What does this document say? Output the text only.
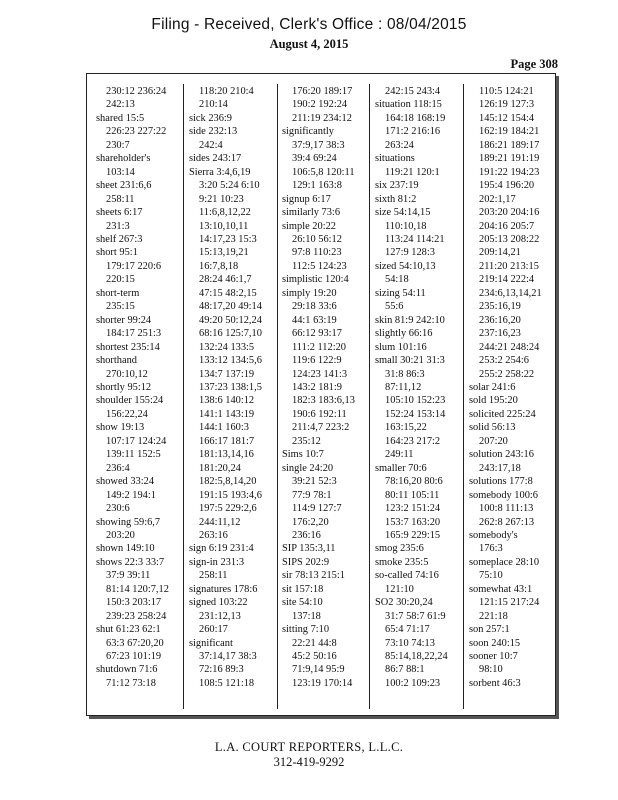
Filing - Received, Clerk's Office : 08/04/2015
August 4, 2015
Page 308
230:12 236:24
242:13
shared 15:5
226:23 227:22
230:7
shareholder's
103:14
sheet 231:6,6
258:11
sheets 6:17
231:3
shelf 267:3
short 95:1
179:17 220:6
220:15
short-term
235:15
shorter 99:24
184:17 251:3
shortest 235:14
shorthand
270:10,12
shortly 95:12
shoulder 155:24
156:22,24
show 19:13
107:17 124:24
139:11 152:5
236:4
showed 33:24
149:2 194:1
230:6
showing 59:6,7
203:20
shown 149:10
shows 22:3 33:7
37:9 39:11
81:14 120:7,12
150:3 203:17
239:23 258:24
shut 61:23 62:1
63:3 67:20,20
67:23 101:19
shutdown 71:6
71:12 73:18
118:20 210:4
210:14
sick 236:9
side 232:13
242:4
sides 243:17
Sierra 3:4,6,19
3:20 5:24 6:10
9:21 10:23
11:6,8,12,22
13:10,10,11
14:17,23 15:3
15:13,19,21
16:7,8,18
28:24 46:1,7
47:15 48:2,15
48:17,20 49:14
49:20 50:12,24
68:16 125:7,10
132:24 133:5
133:12 134:5,6
134:7 137:19
137:23 138:1,5
138:6 140:12
141:1 143:19
144:1 160:3
166:17 181:7
181:13,14,16
181:20,24
182:5,8,14,20
191:15 193:4,6
197:5 229:2,6
244:11,12
263:16
sign 6:19 231:4
sign-in 231:3
258:11
signatures 178:6
signed 103:22
231:12,13
260:17
significant
37:14,17 38:3
72:16 89:3
108:5 121:18
176:20 189:17
190:2 192:24
211:19 234:12
significantly
37:9,17 38:3
39:4 69:24
106:5,8 120:11
129:1 163:8
signup 6:17
similarly 73:6
simple 20:22
26:10 56:12
97:8 110:23
112:5 124:23
simplistic 120:4
simply 19:20
29:18 33:6
44:1 63:19
66:12 93:17
111:2 112:20
119:6 122:9
124:23 141:3
143:2 181:9
182:3 183:6,13
190:6 192:11
211:4,7 223:2
235:12
Sims 10:7
single 24:20
39:21 52:3
77:9 78:1
114:9 127:7
176:2,20
236:16
SIP 135:3,11
SIPS 202:9
sir 78:13 215:1
sit 157:18
site 54:10
137:18
sitting 7:10
22:21 44:8
45:2 50:16
71:9,14 95:9
123:19 170:14
242:15 243:4
situation 118:15
164:18 168:19
171:2 216:16
263:24
situations
119:21 120:1
six 237:19
sixth 81:2
size 54:14,15
110:10,18
113:24 114:21
127:9 128:3
sized 54:10,13
54:18
sizing 54:11
55:6
skin 81:9 242:10
slightly 66:16
slum 101:16
small 30:21 31:3
31:8 86:3
87:11,12
105:10 152:23
152:24 153:14
163:15,22
164:23 217:2
249:11
smaller 70:6
78:16,20 80:6
80:11 105:11
123:2 151:24
153:7 163:20
165:9 229:15
smog 235:6
smoke 235:5
so-called 74:16
121:10
SO2 30:20,24
31:7 58:7 61:9
65:4 71:17
73:10 74:13
85:14,18,22,24
86:7 88:1
100:2 109:23
110:5 124:21
126:19 127:3
145:12 154:4
162:19 184:21
186:21 189:17
189:21 191:19
191:22 194:23
195:4 196:20
202:1,17
203:20 204:16
204:16 205:7
205:13 208:22
209:14,21
211:20 213:15
219:14 222:4
234:6,13,14,21
235:16,19
236:16,20
237:16,23
244:21 248:24
253:2 254:6
255:2 258:22
solar 241:6
sold 195:20
solicited 225:24
solid 56:13
207:20
solution 243:16
243:17,18
solutions 177:8
somebody 100:6
100:8 111:13
262:8 267:13
somebody's
176:3
someplace 28:10
75:10
somewhat 43:1
121:15 217:24
221:18
son 257:1
soon 240:15
sooner 10:7
98:10
sorbent 46:3
L.A. COURT REPORTERS, L.L.C.
312-419-9292
